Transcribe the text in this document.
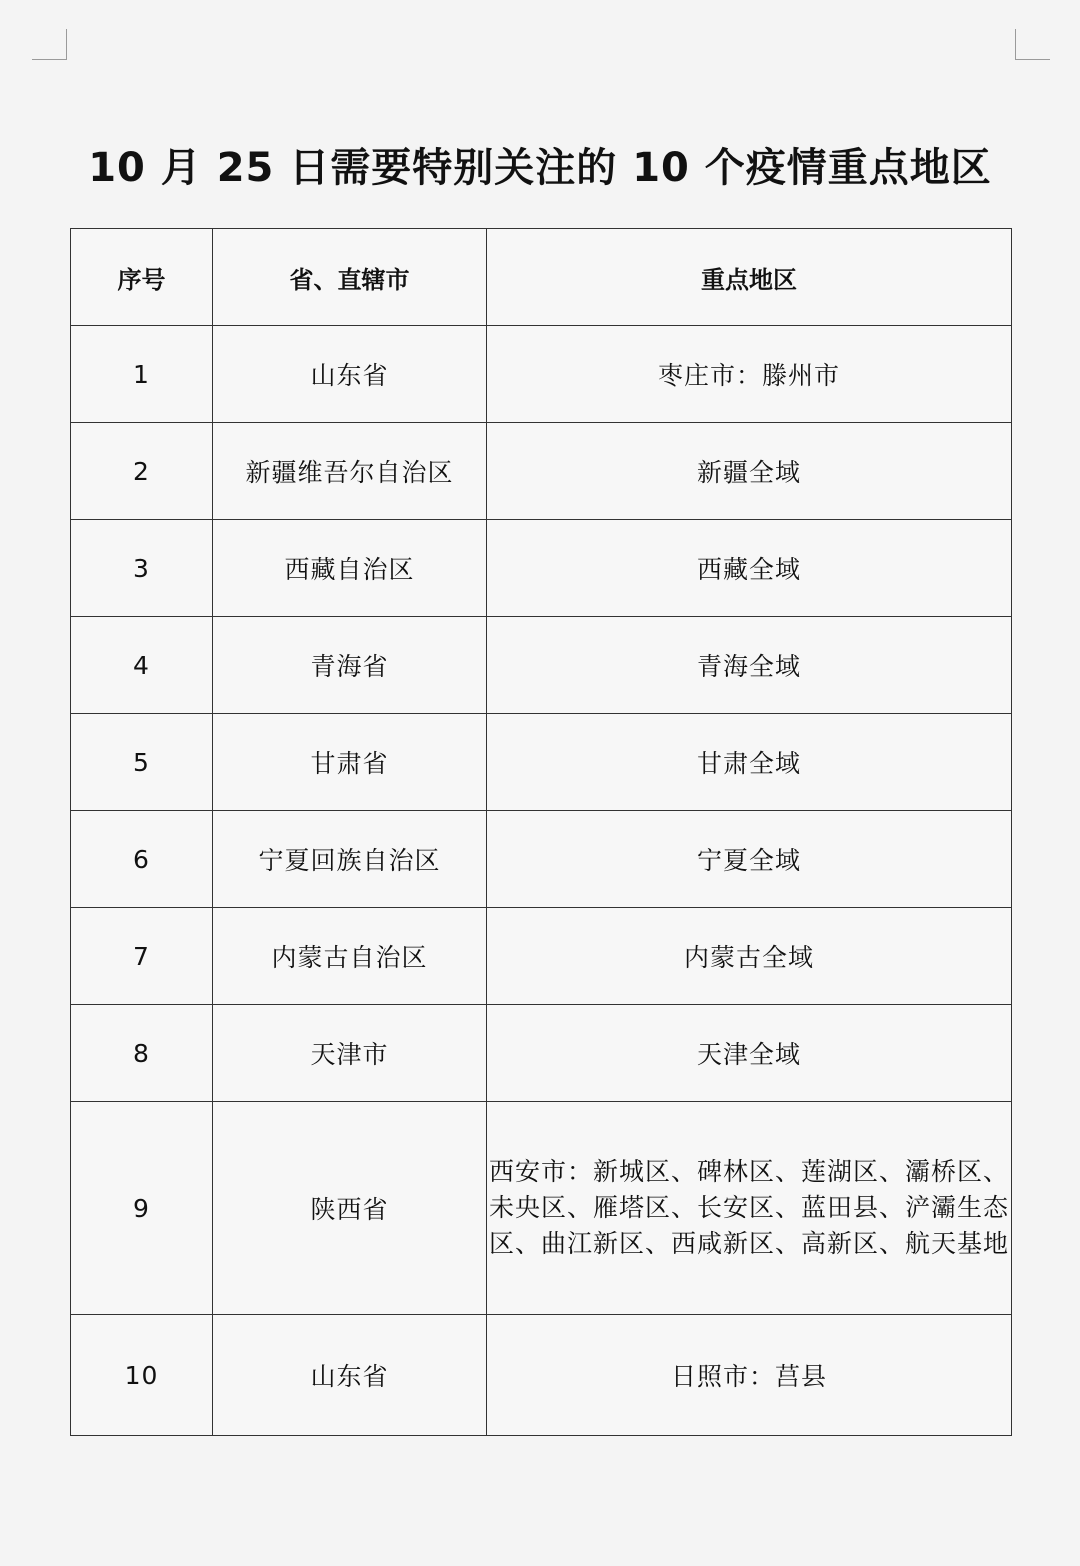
10 月 25 日需要特别关注的 10 个疫情重点地区
序号	省、直辖市	重点地区
1	山东省	枣庄市：滕州市
2	新疆维吾尔自治区	新疆全域
3	西藏自治区	西藏全域
4	青海省	青海全域
5	甘肃省	甘肃全域
6	宁夏回族自治区	宁夏全域
7	内蒙古自治区	内蒙古全域
8	天津市	天津全域
9	陕西省	西安市：新城区、碑林区、莲湖区、灞桥区、未央区、雁塔区、长安区、蓝田县、浐灞生态区、曲江新区、西咸新区、高新区、航天基地
10	山东省	日照市：莒县
